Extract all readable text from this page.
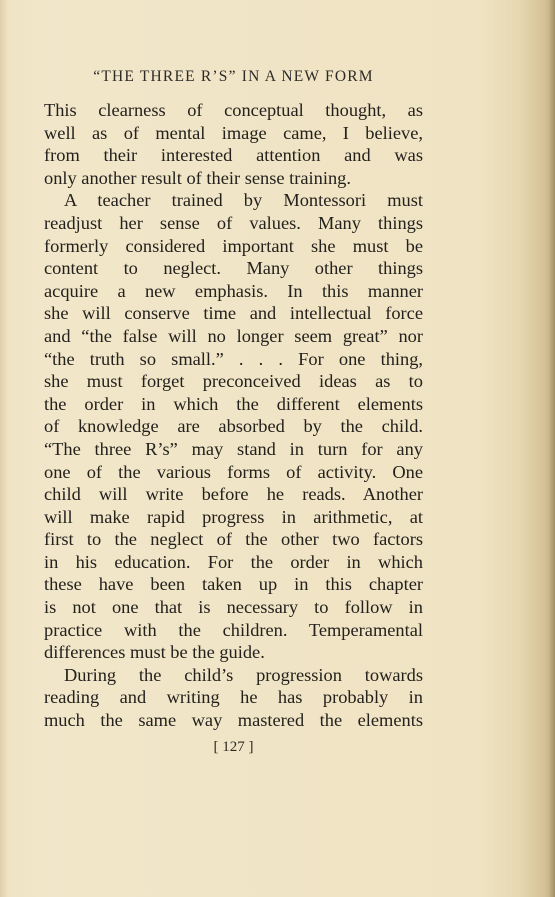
“THE THREE R’S” IN A NEW FORM
This clearness of conceptual thought, as
well as of mental image came, I believe,
from their interested attention and was
only another result of their sense training.
A teacher trained by Montessori must
readjust her sense of values. Many things
formerly considered important she must be
content to neglect. Many other things
acquire a new emphasis. In this manner
she will conserve time and intellectual force
and “the false will no longer seem great” nor
“the truth so small.” . . . For one thing,
she must forget preconceived ideas as to
the order in which the different elements
of knowledge are absorbed by the child.
“The three R’s” may stand in turn for any
one of the various forms of activity. One
child will write before he reads. Another
will make rapid progress in arithmetic, at
first to the neglect of the other two factors
in his education. For the order in which
these have been taken up in this chapter
is not one that is necessary to follow in
practice with the children. Temperamental
differences must be the guide.
During the child’s progression towards
reading and writing he has probably in
much the same way mastered the elements
[ 127 ]
